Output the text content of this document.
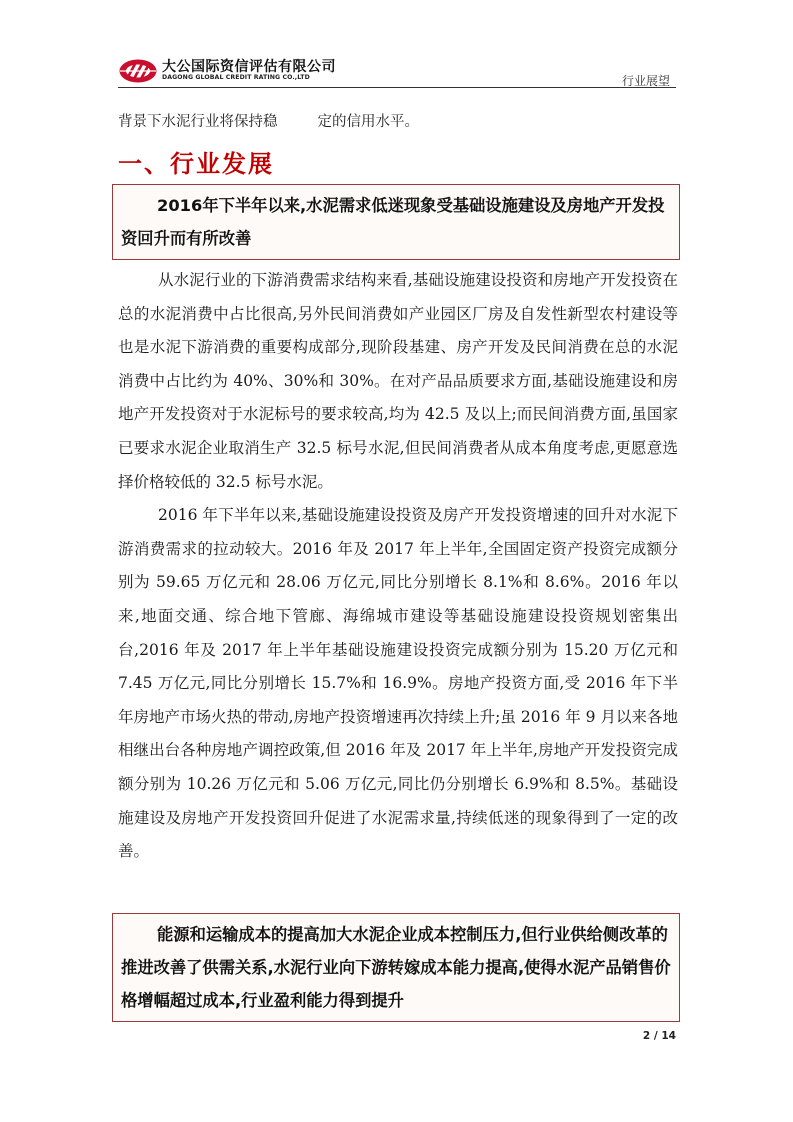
大公国际资信评估有限公司
DAGONG GLOBAL CREDIT RATING CO.,LTD	行业展望
背景下水泥行业将保持稳	定的信用水平。
一、行业发展
2016年下半年以来,水泥需求低迷现象受基础设施建设及房地产开发投资回升而有所改善

从水泥行业的下游消费需求结构来看,基础设施建设投资和房地产开发投资在总的水泥消费中占比很高,另外民间消费如产业园区厂房及自发性新型农村建设等也是水泥下游消费的重要构成部分,现阶段基建、房产开发及民间消费在总的水泥消费中占比约为 40%、30%和 30%。在对产品品质要求方面,基础设施建设和房地产开发投资对于水泥标号的要求较高,均为 42.5 及以上;而民间消费方面,虽国家已要求水泥企业取消生产 32.5 标号水泥,但民间消费者从成本角度考虑,更愿意选择价格较低的 32.5 标号水泥。

2016 年下半年以来,基础设施建设投资及房产开发投资增速的回升对水泥下游消费需求的拉动较大。2016 年及 2017 年上半年,全国固定资产投资完成额分别为 59.65 万亿元和 28.06 万亿元,同比分别增长 8.1%和 8.6%。2016 年以来,地面交通、综合地下管廊、海绵城市建设等基础设施建设投资规划密集出台,2016 年及 2017 年上半年基础设施建设投资完成额分别为 15.20 万亿元和 7.45 万亿元,同比分别增长 15.7%和 16.9%。房地产投资方面,受 2016 年下半年房地产市场火热的带动,房地产投资增速再次持续上升;虽 2016 年 9 月以来各地相继出台各种房地产调控政策,但 2016 年及 2017 年上半年,房地产开发投资完成额分别为 10.26 万亿元和 5.06 万亿元,同比仍分别增长 6.9%和 8.5%。基础设施建设及房地产开发投资回升促进了水泥需求量,持续低迷的现象得到了一定的改善。

能源和运输成本的提高加大水泥企业成本控制压力,但行业供给侧改革的推进改善了供需关系,水泥行业向下游转嫁成本能力提高,使得水泥产品销售价格增幅超过成本,行业盈利能力得到提升
2 / 14
